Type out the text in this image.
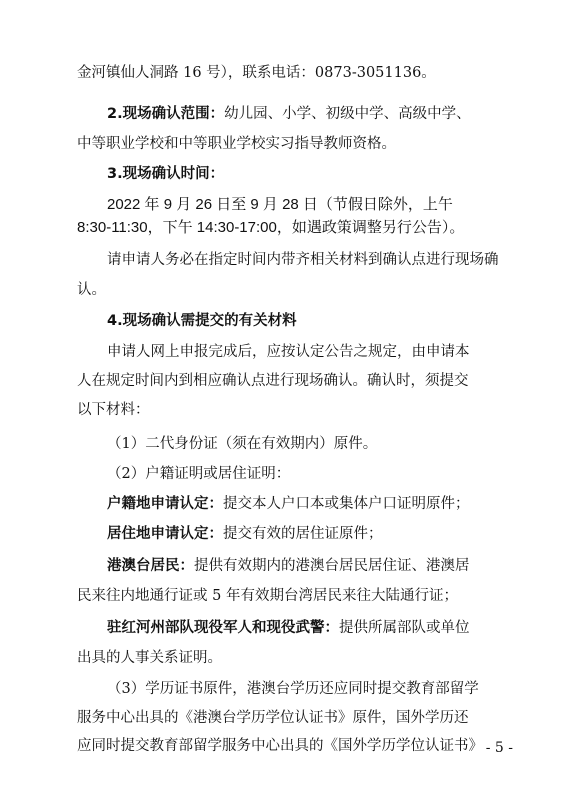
金河镇仙人洞路 16 号），联系电话：0873-3051136。
2.现场确认范围：幼儿园、小学、初级中学、高级中学、
中等职业学校和中等职业学校实习指导教师资格。
3.现场确认时间：
2022 年 9 月 26 日至 9 月 28 日（节假日除外，上午
8:30-11:30，下午 14:30-17:00，如遇政策调整另行公告）。
请申请人务必在指定时间内带齐相关材料到确认点进行现场确
认。
4.现场确认需提交的有关材料
申请人网上申报完成后，应按认定公告之规定，由申请本
人在规定时间内到相应确认点进行现场确认。确认时，须提交
以下材料：
（1）二代身份证（须在有效期内）原件。
（2）户籍证明或居住证明：
户籍地申请认定：提交本人户口本或集体户口证明原件；
居住地申请认定：提交有效的居住证原件；
港澳台居民：提供有效期内的港澳台居民居住证、港澳居
民来往内地通行证或 5 年有效期台湾居民来往大陆通行证；
驻红河州部队现役军人和现役武警：提供所属部队或单位
出具的人事关系证明。
（3）学历证书原件，港澳台学历还应同时提交教育部留学
服务中心出具的《港澳台学历学位认证书》原件，国外学历还
应同时提交教育部留学服务中心出具的《国外学历学位认证书》 - 5 -
